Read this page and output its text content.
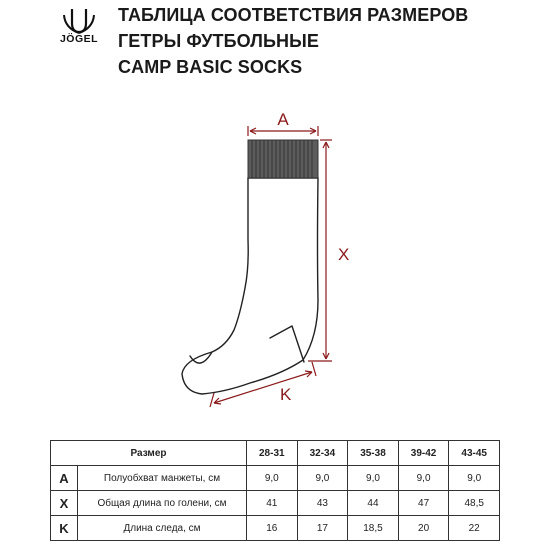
JÖGEL
ТАБЛИЦА СООТВЕТСТВИЯ РАЗМЕРОВ
ГЕТРЫ ФУТБОЛЬНЫЕ
CAMP BASIC SOCKS
A
X
K
Размер		28-31	32-34	35-38	39-42	43-45
A	Полуобхват манжеты, см	9,0	9,0	9,0	9,0	9,0
X	Общая длина по голени, см	41	43	44	47	48,5
K	Длина следа, см	16	17	18,5	20	22
